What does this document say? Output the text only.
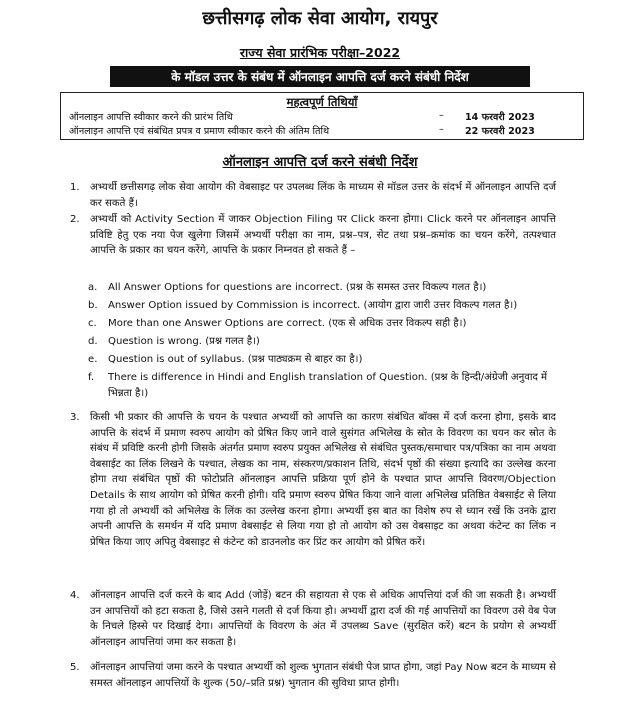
छत्तीसगढ़ लोक सेवा आयोग, रायपुर
राज्य सेवा प्रारंभिक परीक्षा–2022
के मॉडल उत्तर के संबंध में ऑनलाइन आपत्ति दर्ज करने संबंधी निर्देश
महत्वपूर्ण तिथियाँ
ऑनलाइन आपत्ति स्वीकार करने की प्रारंभ तिथि	– 14 फरवरी 2023
ऑनलाइन आपत्ति एवं संबंधित प्रपत्र व प्रमाण स्वीकार करने की अंतिम तिथि	– 22 फरवरी 2023
ऑनलाइन आपत्ति दर्ज करने संबंधी निर्देश
1. अभ्यर्थी छत्तीसगढ़ लोक सेवा आयोग की वेबसाइट पर उपलब्ध लिंक के माध्यम से मॉडल उत्तर के संदर्भ में ऑनलाइन आपत्ति दर्ज कर सकते हैं।
2. अभ्यर्थी को Activity Section में जाकर Objection Filing पर Click करना होगा। Click करने पर ऑनलाइन आपत्ति प्रविष्टि हेतु एक नया पेज खुलेगा जिसमें अभ्यर्थी परीक्षा का नाम, प्रश्न–पत्र, सेट तथा प्रश्न–क्रमांक का चयन करेंगे, तत्पश्चात आपत्ति के प्रकार का चयन करेंगे, आपत्ति के प्रकार निम्नवत हो सकते हैं –
a. All Answer Options for questions are incorrect. (प्रश्न के समस्त उत्तर विकल्प गलत है।)
b. Answer Option issued by Commission is incorrect. (आयोग द्वारा जारी उत्तर विकल्प गलत है।)
c. More than one Answer Options are correct. (एक से अधिक उत्तर विकल्प सही है।)
d. Question is wrong. (प्रश्न गलत है।)
e. Question is out of syllabus. (प्रश्न पाठ्यक्रम से बाहर का है।)
f. There is difference in Hindi and English translation of Question. (प्रश्न के हिन्दी/अंग्रेजी अनुवाद में भिन्नता है।)
3. किसी भी प्रकार की आपत्ति के चयन के पश्चात अभ्यर्थी को आपत्ति का कारण संबंधित बॉक्स में दर्ज करना होगा, इसके बाद आपत्ति के संदर्भ में प्रमाण स्वरुप आयोग को प्रेषित किए जाने वाले सुसंगत अभिलेख के स्रोत के विवरण का चयन कर स्रोत के संबंध में प्रविष्टि करनी होगी जिसके अंतर्गत प्रमाण स्वरुप प्रयुक्त अभिलेख से संबंधित पुस्तक/समाचार पत्र/पत्रिका का नाम अथवा वेबसाईट का लिंक लिखने के पश्चात, लेखक का नाम, संस्करण/प्रकाशन तिथि, संदर्भ पृष्ठों की संख्या इत्यादि का उल्लेख करना होगा तथा संबंधित पृष्ठों की फोटोप्रति ऑनलाइन आपत्ति प्रक्रिया पूर्ण होने के पश्चात प्राप्त आपत्ति विवरण/Objection Details के साथ आयोग को प्रेषित करनी होगी। यदि प्रमाण स्वरुप प्रेषित किया जाने वाला अभिलेख प्रतिष्ठित वेबसाईट से लिया गया हो तो अभ्यर्थी को अभिलेख के लिंक का उल्लेख करना होगा। अभ्यर्थी इस बात का विशेष रुप से ध्यान रखें कि उनके द्वारा अपनी आपत्ति के समर्थन में यदि प्रमाण वेबसाईट से लिया गया हो तो आयोग को उस वेबसाइट का अथवा कंटेन्ट का लिंक न प्रेषित किया जाए अपितु वेबसाइट से कंटेन्ट को डाउनलोड कर प्रिंट कर आयोग को प्रेषित करें।
4. ऑनलाइन आपत्ति दर्ज करने के बाद Add (जोड़ें) बटन की सहायता से एक से अधिक आपत्तियां दर्ज की जा सकती है। अभ्यर्थी उन आपत्तियों को हटा सकता है, जिसे उसने गलती से दर्ज किया हो। अभ्यर्थी द्वारा दर्ज की गई आपत्तियों का विवरण उसे वेब पेज के निचले हिस्से पर दिखाई देगा। आपत्तियों के विवरण के अंत में उपलब्ध Save (सुरक्षित करें) बटन के प्रयोग से अभ्यर्थी ऑनलाइन आपत्तियां जमा कर सकता है।
5. ऑनलाइन आपत्तियां जमा करने के पश्चात अभ्यर्थी को शुल्क भुगतान संबंधी पेज प्राप्त होगा, जहां Pay Now बटन के माध्यम से समस्त ऑनलाइन आपत्तियों के शुल्क (50/–प्रति प्रश्न) भुगतान की सुविधा प्राप्त होगी।
